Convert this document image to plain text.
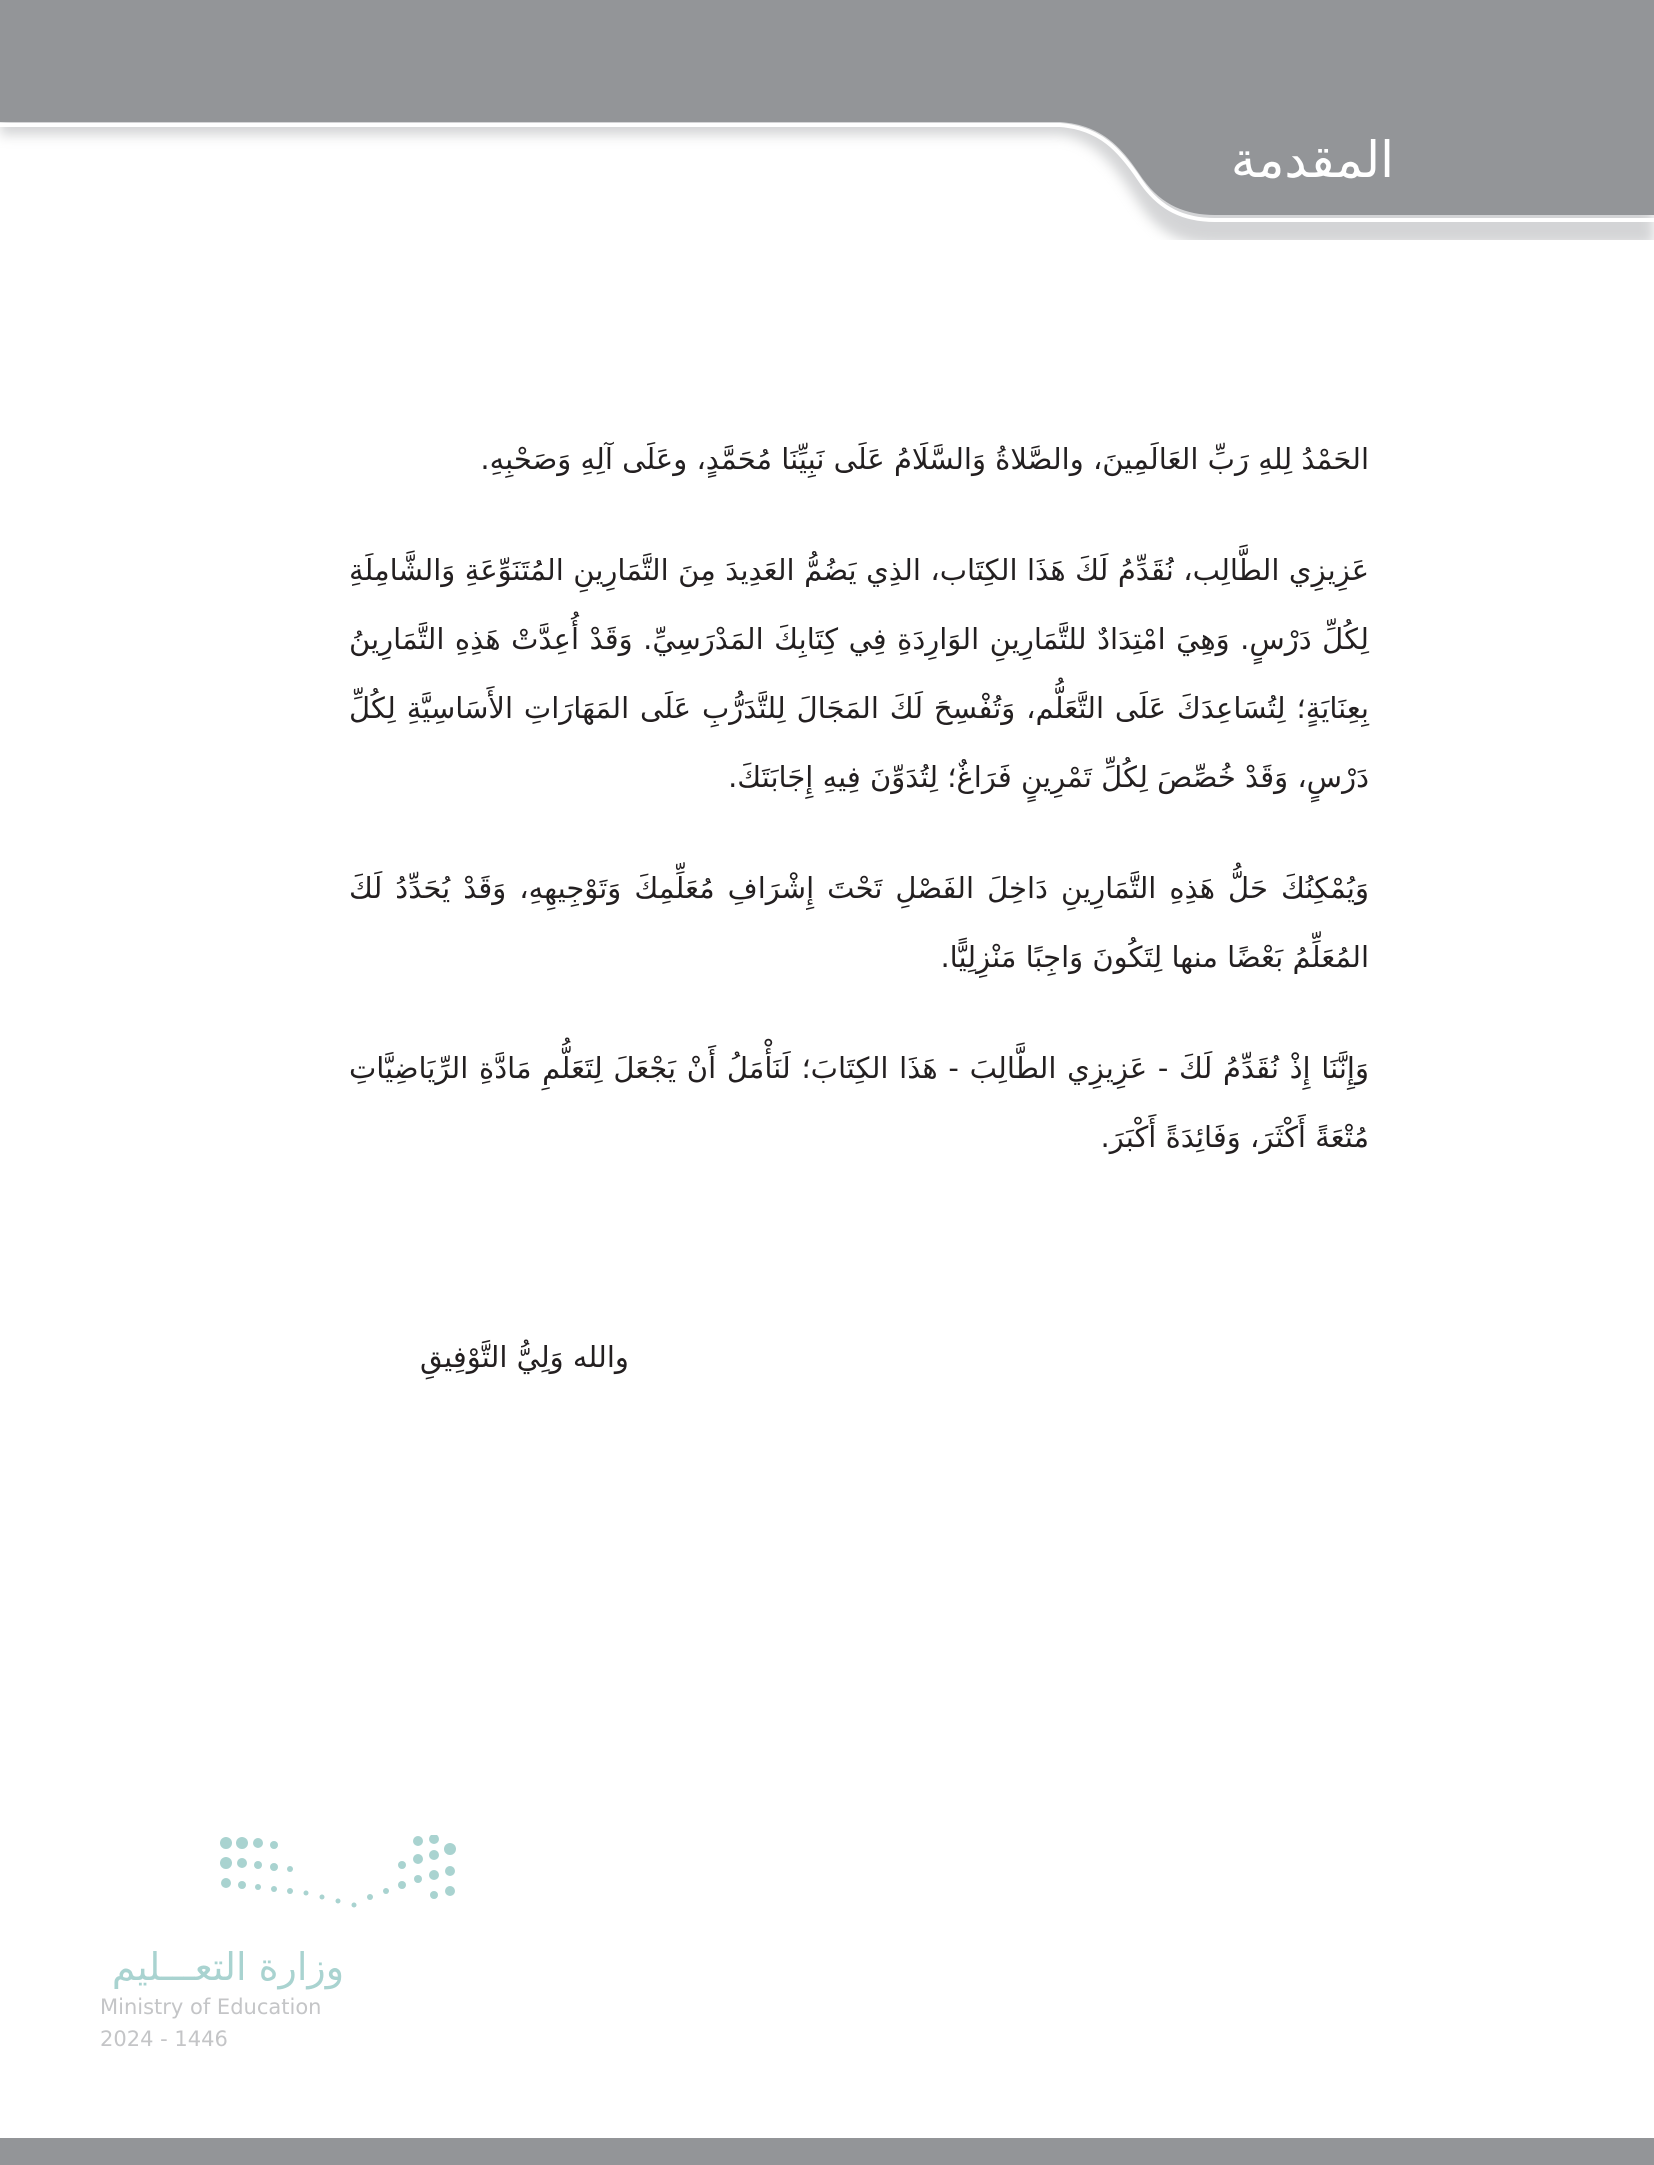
المقدمة

الحَمْدُ لِلهِ رَبِّ العَالَمِينَ، والصَّلاةُ وَالسَّلَامُ عَلَى نَبِيِّنَا مُحَمَّدٍ، وعَلَى آلِهِ وَصَحْبِهِ.

عَزِيزِي الطَّالِب، نُقَدِّمُ لَكَ هَذَا الكِتَاب، الذِي يَضُمُّ العَدِيدَ مِنَ التَّمَارِينِ المُتَنَوِّعَةِ وَالشَّامِلَةِ لِكُلِّ دَرْسٍ. وَهِيَ امْتِدَادٌ للتَّمَارِينِ الوَارِدَةِ فِي كِتَابِكَ المَدْرَسِيِّ. وَقَدْ أُعِدَّتْ هَذِهِ التَّمَارِينُ بِعِنَايَةٍ؛ لِتُسَاعِدَكَ عَلَى التَّعَلُّم، وَتُفْسِحَ لَكَ المَجَالَ لِلتَّدَرُّبِ عَلَى المَهَارَاتِ الأَسَاسِيَّةِ لِكُلِّ دَرْسٍ، وَقَدْ خُصِّصَ لِكُلِّ تَمْرِينٍ فَرَاغٌ؛ لِتُدَوِّنَ فِيهِ إِجَابَتَكَ.

وَيُمْكِنُكَ حَلُّ هَذِهِ التَّمَارِينِ دَاخِلَ الفَصْلِ تَحْتَ إِشْرَافِ مُعَلِّمِكَ وَتَوْجِيهِهِ، وَقَدْ يُحَدِّدُ لَكَ المُعَلِّمُ بَعْضًا منها لِتَكُونَ وَاجِبًا مَنْزِلِيًّا.

وَإِنَّنَا إِذْ نُقَدِّمُ لَكَ - عَزِيزِي الطَّالِبَ - هَذَا الكِتَابَ؛ لَنَأْمَلُ أَنْ يَجْعَلَ لِتَعَلُّمِ مَادَّةِ الرِّيَاضِيَّاتِ مُتْعَةً أَكْثَرَ، وَفَائِدَةً أَكْبَرَ.

والله وَلِيُّ التَّوْفِيقِ
وزارة التعـــليم
Ministry of Education
2024 - 1446
